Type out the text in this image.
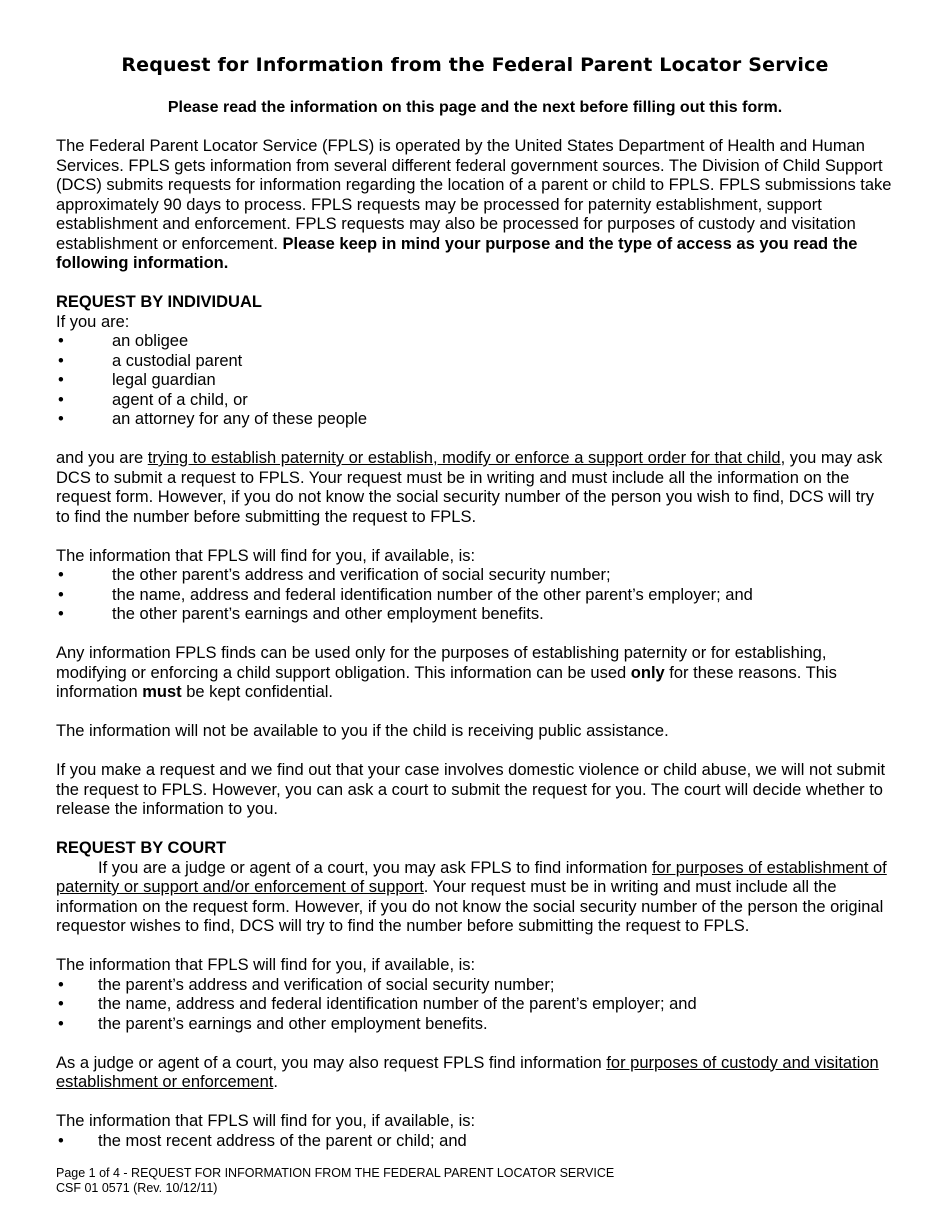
Request for Information from the Federal Parent Locator Service
Please read the information on this page and the next before filling out this form.

The Federal Parent Locator Service (FPLS) is operated by the United States Department of Health and Human Services. FPLS gets information from several different federal government sources. The Division of Child Support (DCS) submits requests for information regarding the location of a parent or child to FPLS. FPLS submissions take approximately 90 days to process. FPLS requests may be processed for paternity establishment, support establishment and enforcement. FPLS requests may also be processed for purposes of custody and visitation establishment or enforcement. Please keep in mind your purpose and the type of access as you read the following information.

REQUEST BY INDIVIDUAL

If you are:

• an obligee
• a custodial parent
• legal guardian
• agent of a child, or
• an attorney for any of these people

and you are trying to establish paternity or establish, modify or enforce a support order for that child, you may ask DCS to submit a request to FPLS. Your request must be in writing and must include all the information on the request form. However, if you do not know the social security number of the person you wish to find, DCS will try to find the number before submitting the request to FPLS.

The information that FPLS will find for you, if available, is:

• the other parent’s address and verification of social security number;
• the name, address and federal identification number of the other parent’s employer; and
• the other parent’s earnings and other employment benefits.

Any information FPLS finds can be used only for the purposes of establishing paternity or for establishing, modifying or enforcing a child support obligation. This information can be used only for these reasons. This information must be kept confidential.

The information will not be available to you if the child is receiving public assistance.

If you make a request and we find out that your case involves domestic violence or child abuse, we will not submit the request to FPLS. However, you can ask a court to submit the request for you. The court will decide whether to release the information to you.

REQUEST BY COURT

If you are a judge or agent of a court, you may ask FPLS to find information for purposes of establishment of paternity or support and/or enforcement of support. Your request must be in writing and must include all the information on the request form. However, if you do not know the social security number of the person the original requestor wishes to find, DCS will try to find the number before submitting the request to FPLS.

The information that FPLS will find for you, if available, is:

• the parent’s address and verification of social security number;
• the name, address and federal identification number of the parent’s employer; and
• the parent’s earnings and other employment benefits.

As a judge or agent of a court, you may also request FPLS find information for purposes of custody and visitation establishment or enforcement.

The information that FPLS will find for you, if available, is:

• the most recent address of the parent or child; and
Page 1 of 4 - REQUEST FOR INFORMATION FROM THE FEDERAL PARENT LOCATOR SERVICE
CSF 01 0571 (Rev. 10/12/11)
